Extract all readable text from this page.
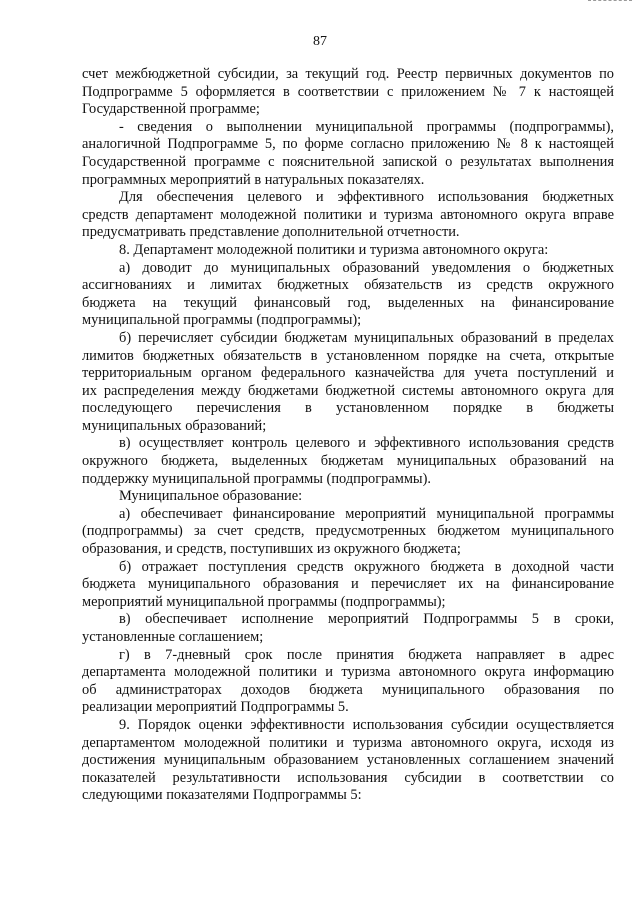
87
счет межбюджетной субсидии, за текущий год. Реестр первичных документов по
Подпрограмме 5 оформляется в соответствии с приложением № 7 к настоящей
Государственной программе;
- сведения о выполнении муниципальной программы (подпрограммы),
аналогичной Подпрограмме 5, по форме согласно приложению № 8 к настоящей
Государственной программе с пояснительной запиской о результатах выполнения
программных мероприятий в натуральных показателях.
Для обеспечения целевого и эффективного использования бюджетных
средств департамент молодежной политики и туризма автономного округа вправе
предусматривать представление дополнительной отчетности.
8. Департамент молодежной политики и туризма автономного округа:
а) доводит до муниципальных образований уведомления о бюджетных
ассигнованиях и лимитах бюджетных обязательств из средств окружного
бюджета на текущий финансовый год, выделенных на финансирование
муниципальной программы (подпрограммы);
б) перечисляет субсидии бюджетам муниципальных образований в пределах
лимитов бюджетных обязательств в установленном порядке на счета, открытые
территориальным органом федерального казначейства для учета поступлений и
их распределения между бюджетами бюджетной системы автономного округа для
последующего перечисления в установленном порядке в бюджеты
муниципальных образований;
в) осуществляет контроль целевого и эффективного использования средств
окружного бюджета, выделенных бюджетам муниципальных образований на
поддержку муниципальной программы (подпрограммы).
Муниципальное образование:
а) обеспечивает финансирование мероприятий муниципальной программы
(подпрограммы) за счет средств, предусмотренных бюджетом муниципального
образования, и средств, поступивших из окружного бюджета;
б) отражает поступления средств окружного бюджета в доходной части
бюджета муниципального образования и перечисляет их на финансирование
мероприятий муниципальной программы (подпрограммы);
в) обеспечивает исполнение мероприятий Подпрограммы 5 в сроки,
установленные соглашением;
г) в 7-дневный срок после принятия бюджета направляет в адрес
департамента молодежной политики и туризма автономного округа информацию
об администраторах доходов бюджета муниципального образования по
реализации мероприятий Подпрограммы 5.
9. Порядок оценки эффективности использования субсидии осуществляется
департаментом молодежной политики и туризма автономного округа, исходя из
достижения муниципальным образованием установленных соглашением значений
показателей результативности использования субсидии в соответствии со
следующими показателями Подпрограммы 5:
